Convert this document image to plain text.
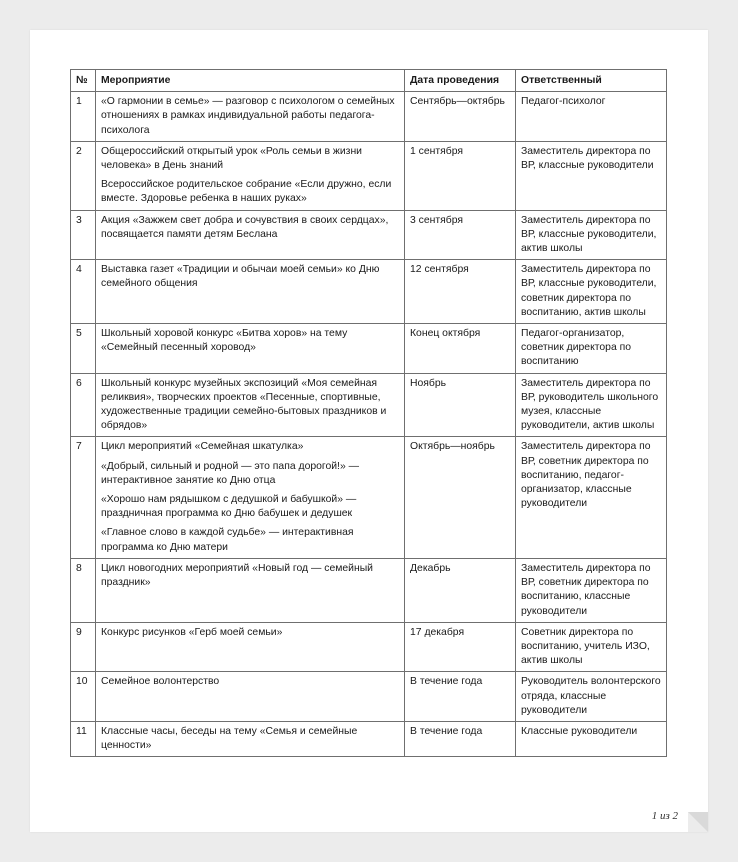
№	Мероприятие	Дата проведения	Ответственный
1	«О гармонии в семье» — разговор с психологом о семейных отношениях в рамках индивидуальной работы педагога-психолога	Сентябрь—октябрь	Педагог-психолог
2	Общероссийский открытый урок «Роль семьи в жизни человека» в День знаний

Всероссийское родительское собрание «Если дружно, если вместе. Здоровье ребенка в наших руках»	1 сентября	Заместитель директора по ВР, классные руководители
3	Акция «Зажжем свет добра и сочувствия в своих сердцах», посвящается памяти детям Беслана	3 сентября	Заместитель директора по ВР, классные руководители, актив школы
4	Выставка газет «Традиции и обычаи моей семьи» ко Дню семейного общения	12 сентября	Заместитель директора по ВР, классные руководители, советник директора по воспитанию, актив школы
5	Школьный хоровой конкурс «Битва хоров» на тему «Семейный песенный хоровод»	Конец октября	Педагог-организатор, советник директора по воспитанию
6	Школьный конкурс музейных экспозиций «Моя семейная реликвия», творческих проектов «Песенные, спортивные, художественные традиции семейно-бытовых праздников и обрядов»	Ноябрь	Заместитель директора по ВР, руководитель школьного музея, классные руководители, актив школы
7	Цикл мероприятий «Семейная шкатулка»

«Добрый, сильный и родной — это папа дорогой!» — интерактивное занятие ко Дню отца

«Хорошо нам рядышком с дедушкой и бабушкой» — праздничная программа ко Дню бабушек и дедушек

«Главное слово в каждой судьбе» — интерактивная программа ко Дню матери	Октябрь—ноябрь	Заместитель директора по ВР, советник директора по воспитанию, педагог-организатор, классные руководители
8	Цикл новогодних мероприятий «Новый год — семейный праздник»	Декабрь	Заместитель директора по ВР, советник директора по воспитанию, классные руководители
9	Конкурс рисунков «Герб моей семьи»	17 декабря	Советник директора по воспитанию, учитель ИЗО, актив школы
10	Семейное волонтерство	В течение года	Руководитель волонтерского отряда, классные руководители
11	Классные часы, беседы на тему «Семья и семейные ценности»	В течение года	Классные руководители
1 из 2
